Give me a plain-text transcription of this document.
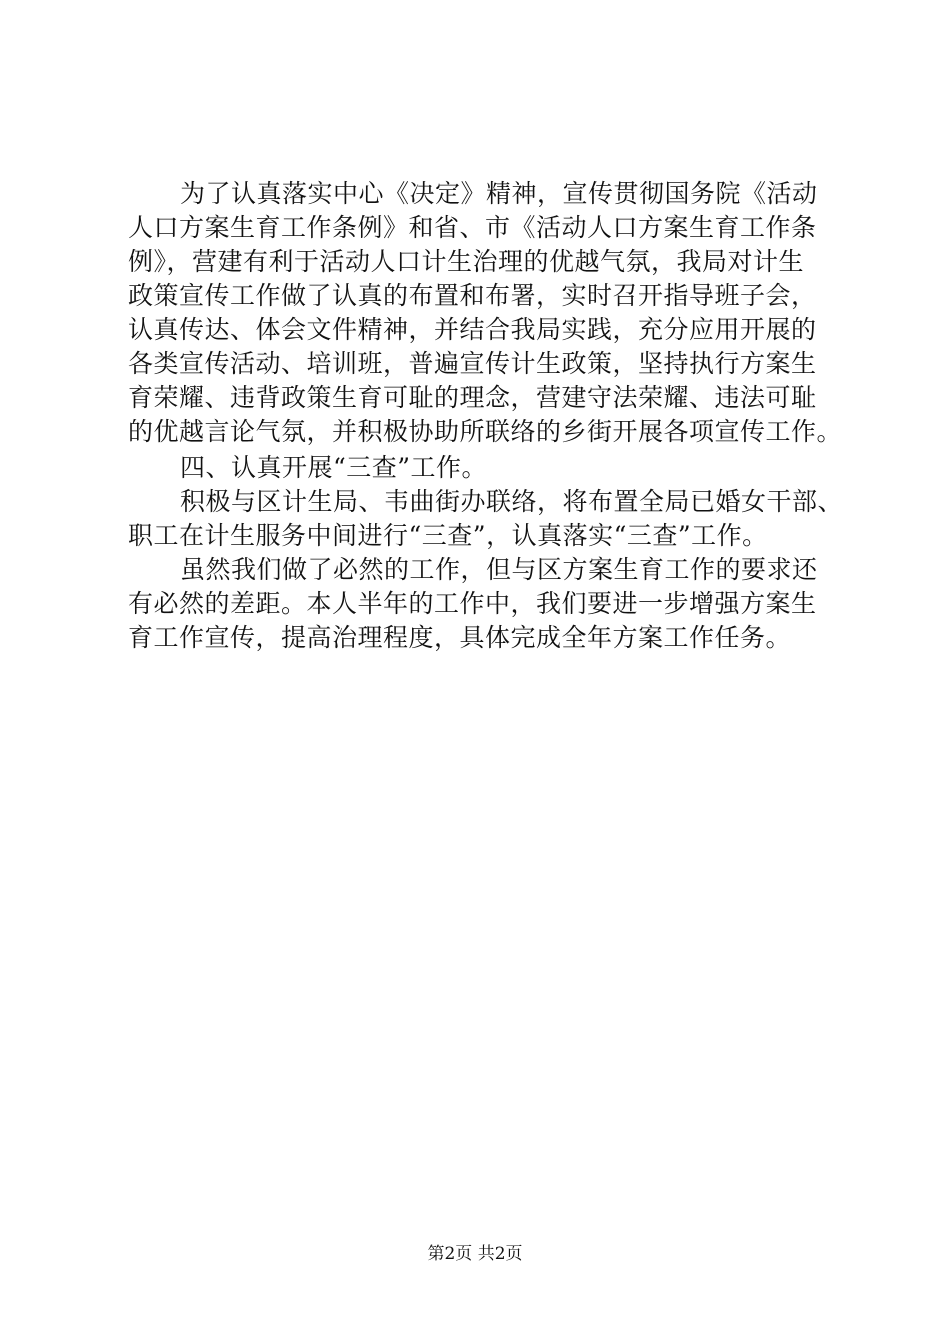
为了认真落实中心《决定》精神，宣传贯彻国务院《活动
人口方案生育工作条例》和省、市《活动人口方案生育工作条
例》，营建有利于活动人口计生治理的优越气氛，我局对计生
政策宣传工作做了认真的布置和布署，实时召开指导班子会，
认真传达、体会文件精神，并结合我局实践，充分应用开展的
各类宣传活动、培训班，普遍宣传计生政策，坚持执行方案生
育荣耀、违背政策生育可耻的理念，营建守法荣耀、违法可耻
的优越言论气氛，并积极协助所联络的乡街开展各项宣传工作。
四、认真开展“三查”工作。
积极与区计生局、韦曲街办联络，将布置全局已婚女干部、
职工在计生服务中间进行“三查”，认真落实“三查”工作。
虽然我们做了必然的工作，但与区方案生育工作的要求还
有必然的差距。本人半年的工作中，我们要进一步增强方案生
育工作宣传，提高治理程度，具体完成全年方案工作任务。
第2页 共2页
